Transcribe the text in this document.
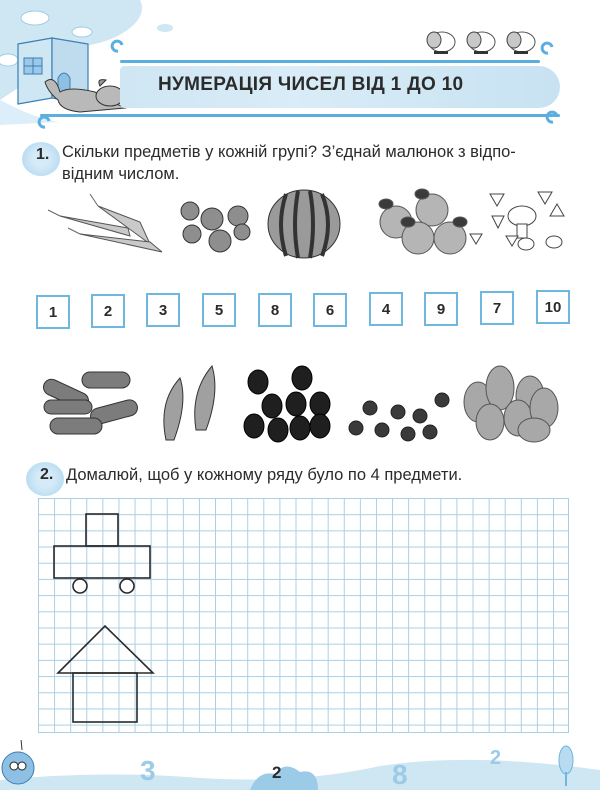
НУМЕРАЦІЯ ЧИСЕЛ ВІД 1 ДО 10
1. Скільки предметів у кожній групі? З’єднай малюнок з відпо-
відним числом.
1	2	3	5	8	6	4	9	7	10
2. Домалюй, щоб у кожному ряду було по 4 предмети.
3	8
2
2
